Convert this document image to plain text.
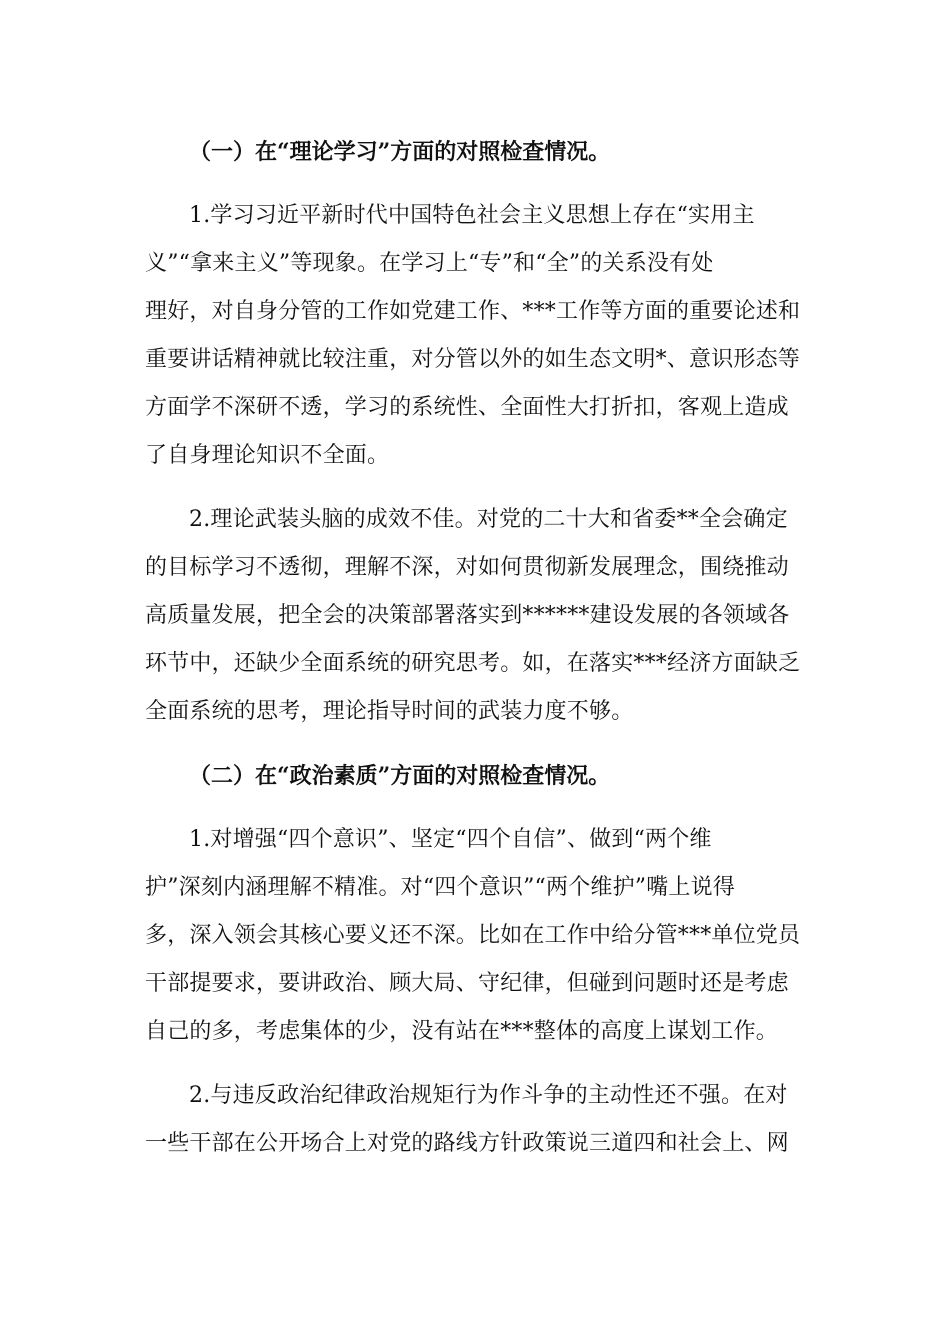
（一）在“理论学习”方面的对照检查情况。
1.学习习近平新时代中国特色社会主义思想上存在“实用主
义”“拿来主义”等现象。在学习上“专”和“全”的关系没有处
理好，对自身分管的工作如党建工作、***工作等方面的重要论述和
重要讲话精神就比较注重，对分管以外的如生态文明*、意识形态等
方面学不深研不透，学习的系统性、全面性大打折扣，客观上造成
了自身理论知识不全面。
2.理论武装头脑的成效不佳。对党的二十大和省委**全会确定
的目标学习不透彻，理解不深，对如何贯彻新发展理念，围绕推动
高质量发展，把全会的决策部署落实到******建设发展的各领域各
环节中，还缺少全面系统的研究思考。如，在落实***经济方面缺乏
全面系统的思考，理论指导时间的武装力度不够。
（二）在“政治素质”方面的对照检查情况。
1.对增强“四个意识”、坚定“四个自信”、做到“两个维
护”深刻内涵理解不精准。对“四个意识”“两个维护”嘴上说得
多，深入领会其核心要义还不深。比如在工作中给分管***单位党员
干部提要求，要讲政治、顾大局、守纪律，但碰到问题时还是考虑
自己的多，考虑集体的少，没有站在***整体的高度上谋划工作。
2.与违反政治纪律政治规矩行为作斗争的主动性还不强。在对
一些干部在公开场合上对党的路线方针政策说三道四和社会上、网
